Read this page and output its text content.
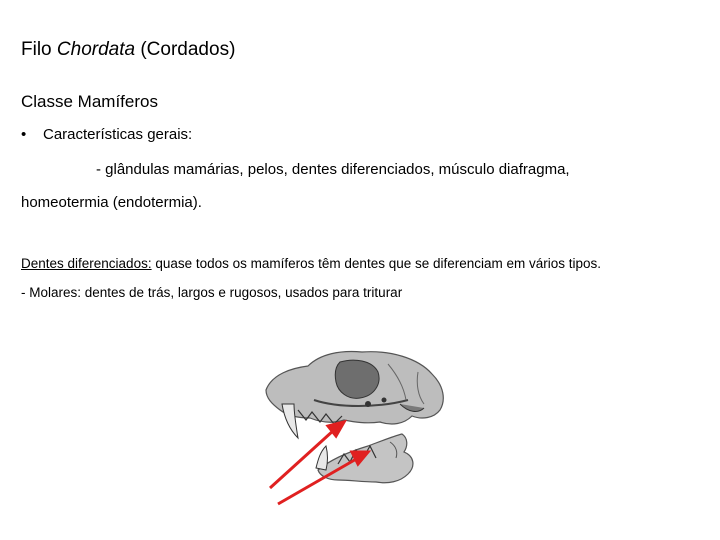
Filo Chordata (Cordados)

Classe Mamíferos

• Características gerais:

- glândulas mamárias, pelos, dentes diferenciados, músculo diafragma,

homeotermia (endotermia).

Dentes diferenciados: quase todos os mamíferos têm dentes que se diferenciam em vários tipos.

- Molares: dentes de trás, largos e rugosos, usados para triturar
